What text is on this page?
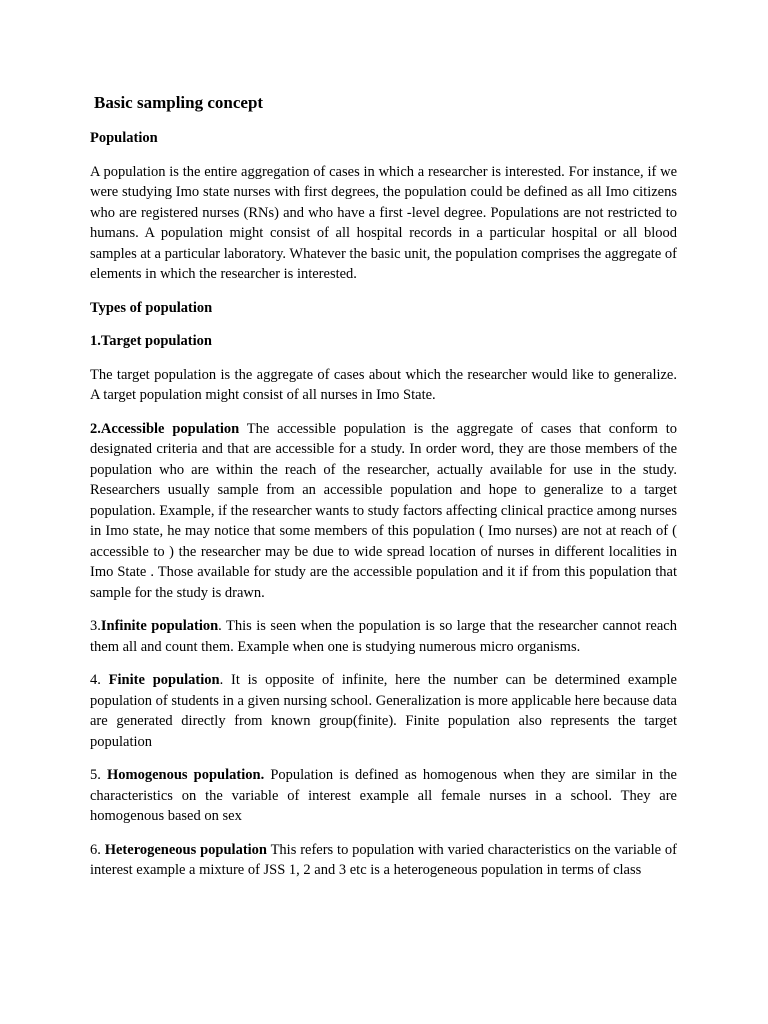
Basic sampling concept
Population

A population is the entire aggregation of cases in which a researcher is interested. For instance, if we were studying Imo state nurses with first degrees, the population could be defined as all Imo citizens who are registered nurses (RNs) and who have a first -level degree. Populations are not restricted to humans. A population might consist of all hospital records in a particular hospital or all blood samples at a particular laboratory. Whatever the basic unit, the population comprises the aggregate of elements in which the researcher is interested.

Types of population
1.Target population

The target population is the aggregate of cases about which the researcher would like to generalize. A target population might consist of all nurses in Imo State.

2.Accessible population The accessible population is the aggregate of cases that conform to designated criteria and that are accessible for a study. In order word, they are those members of the population who are within the reach of the researcher, actually available for use in the study. Researchers usually sample from an accessible population and hope to generalize to a target population. Example, if the researcher wants to study factors affecting clinical practice among nurses in Imo state, he may notice that some members of this population ( Imo nurses) are not at reach of ( accessible to ) the researcher may be due to wide spread location of nurses in different localities in Imo State . Those available for study are the accessible population and it if from this population that sample for the study is drawn.

3.Infinite population. This is seen when the population is so large that the researcher cannot reach them all and count them. Example when one is studying numerous micro organisms.

4. Finite population. It is opposite of infinite, here the number can be determined example population of students in a given nursing school. Generalization is more applicable here because data are generated directly from known group(finite). Finite population also represents the target population

5. Homogenous population. Population is defined as homogenous when they are similar in the characteristics on the variable of interest example all female nurses in a school. They are homogenous based on sex

6. Heterogeneous population This refers to population with varied characteristics on the variable of interest example a mixture of JSS 1, 2 and 3 etc is a heterogeneous population in terms of class
